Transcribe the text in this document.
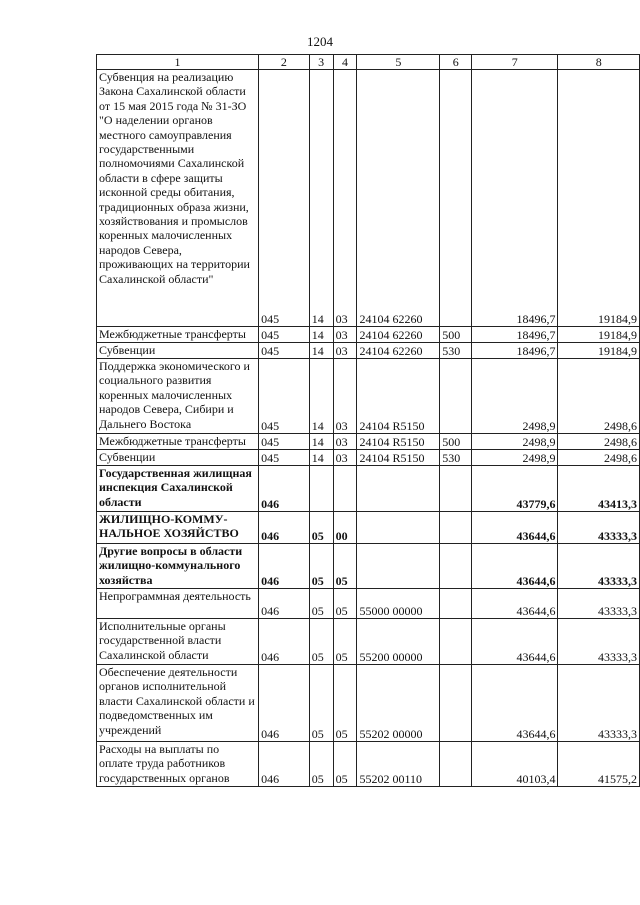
1204
1	2	3	4	5	6	7	8
Субвенция на реализацию Закона Сахалинской области от 15 мая 2015 года № 31-ЗО "О наделении органов местного самоуправления государственными полномочиями Сахалинской области в сфере защиты исконной среды обитания, традиционных образа жизни, хозяйствования и промыслов коренных малочисленных народов Севера, проживающих на территории Сахалинской области"	045	14	03	24104 62260		18496,7	19184,9
Межбюджетные трансферты	045	14	03	24104 62260	500	18496,7	19184,9
Субвенции	045	14	03	24104 62260	530	18496,7	19184,9
Поддержка экономического и социального развития коренных малочисленных народов Севера, Сибири и Дальнего Востока	045	14	03	24104 R5150		2498,9	2498,6
Межбюджетные трансферты	045	14	03	24104 R5150	500	2498,9	2498,6
Субвенции	045	14	03	24104 R5150	530	2498,9	2498,6
Государственная жилищная инспекция Сахалинской области	046					43779,6	43413,3
ЖИЛИЩНО-КОММУ-НАЛЬНОЕ ХОЗЯЙСТВО	046	05	00			43644,6	43333,3
Другие вопросы в области жилищно-коммунального хозяйства	046	05	05			43644,6	43333,3
Непрограммная деятельность	046	05	05	55000 00000		43644,6	43333,3
Исполнительные органы государственной власти Сахалинской области	046	05	05	55200 00000		43644,6	43333,3
Обеспечение деятельности органов исполнительной власти Сахалинской области и подведомственных им учреждений	046	05	05	55202 00000		43644,6	43333,3
Расходы на выплаты по оплате труда работников государственных органов	046	05	05	55202 00110		40103,4	41575,2
